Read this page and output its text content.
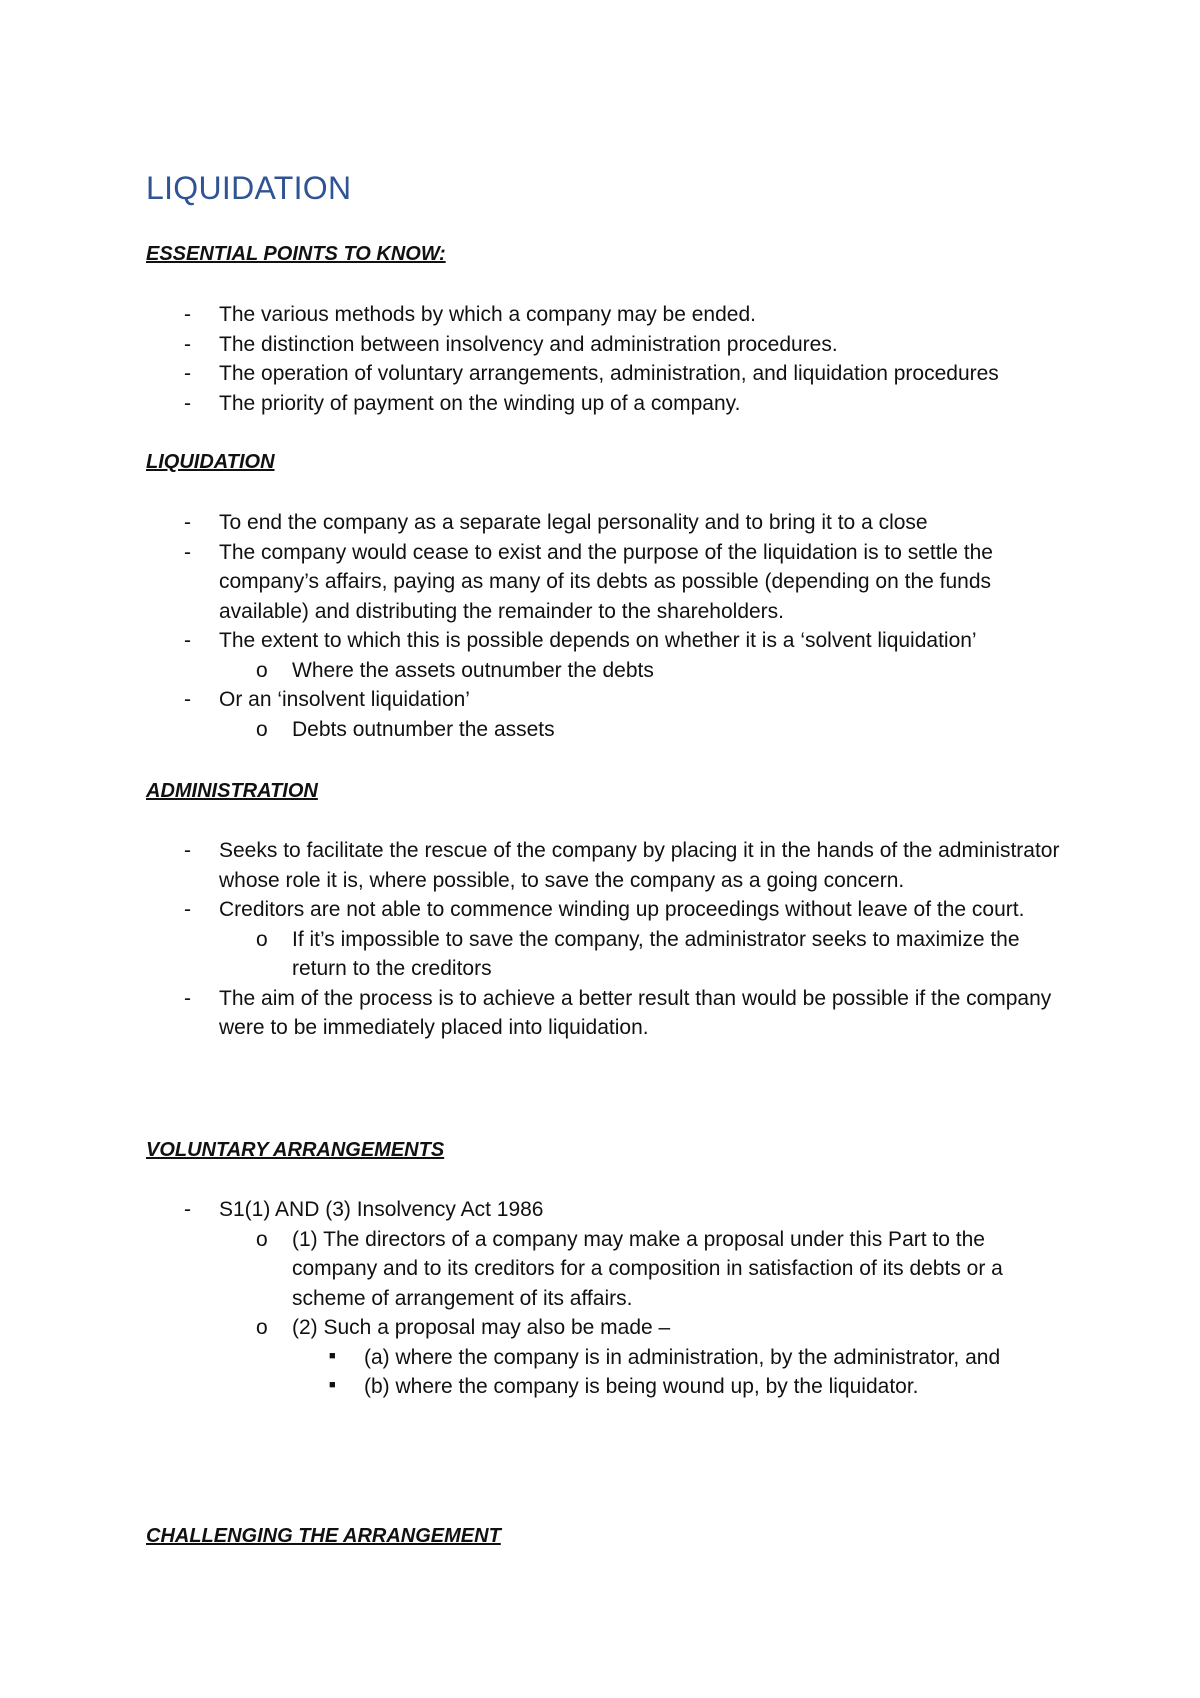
LIQUIDATION
ESSENTIAL POINTS TO KNOW:
- The various methods by which a company may be ended.
- The distinction between insolvency and administration procedures.
- The operation of voluntary arrangements, administration, and liquidation procedures
- The priority of payment on the winding up of a company.
LIQUIDATION
- To end the company as a separate legal personality and to bring it to a close
- The company would cease to exist and the purpose of the liquidation is to settle the company’s affairs, paying as many of its debts as possible (depending on the funds available) and distributing the remainder to the shareholders.
- The extent to which this is possible depends on whether it is a ‘solvent liquidation’
o Where the assets outnumber the debts
- Or an ‘insolvent liquidation’
o Debts outnumber the assets
ADMINISTRATION
- Seeks to facilitate the rescue of the company by placing it in the hands of the administrator whose role it is, where possible, to save the company as a going concern.
- Creditors are not able to commence winding up proceedings without leave of the court.
o If it’s impossible to save the company, the administrator seeks to maximize the return to the creditors
- The aim of the process is to achieve a better result than would be possible if the company were to be immediately placed into liquidation.
VOLUNTARY ARRANGEMENTS
- S1(1) AND (3) Insolvency Act 1986
o (1) The directors of a company may make a proposal under this Part to the company and to its creditors for a composition in satisfaction of its debts or a scheme of arrangement of its affairs.
o (2) Such a proposal may also be made –
■
(a) where the company is in administration, by the administrator, and
■
(b) where the company is being wound up, by the liquidator.
CHALLENGING THE ARRANGEMENT
